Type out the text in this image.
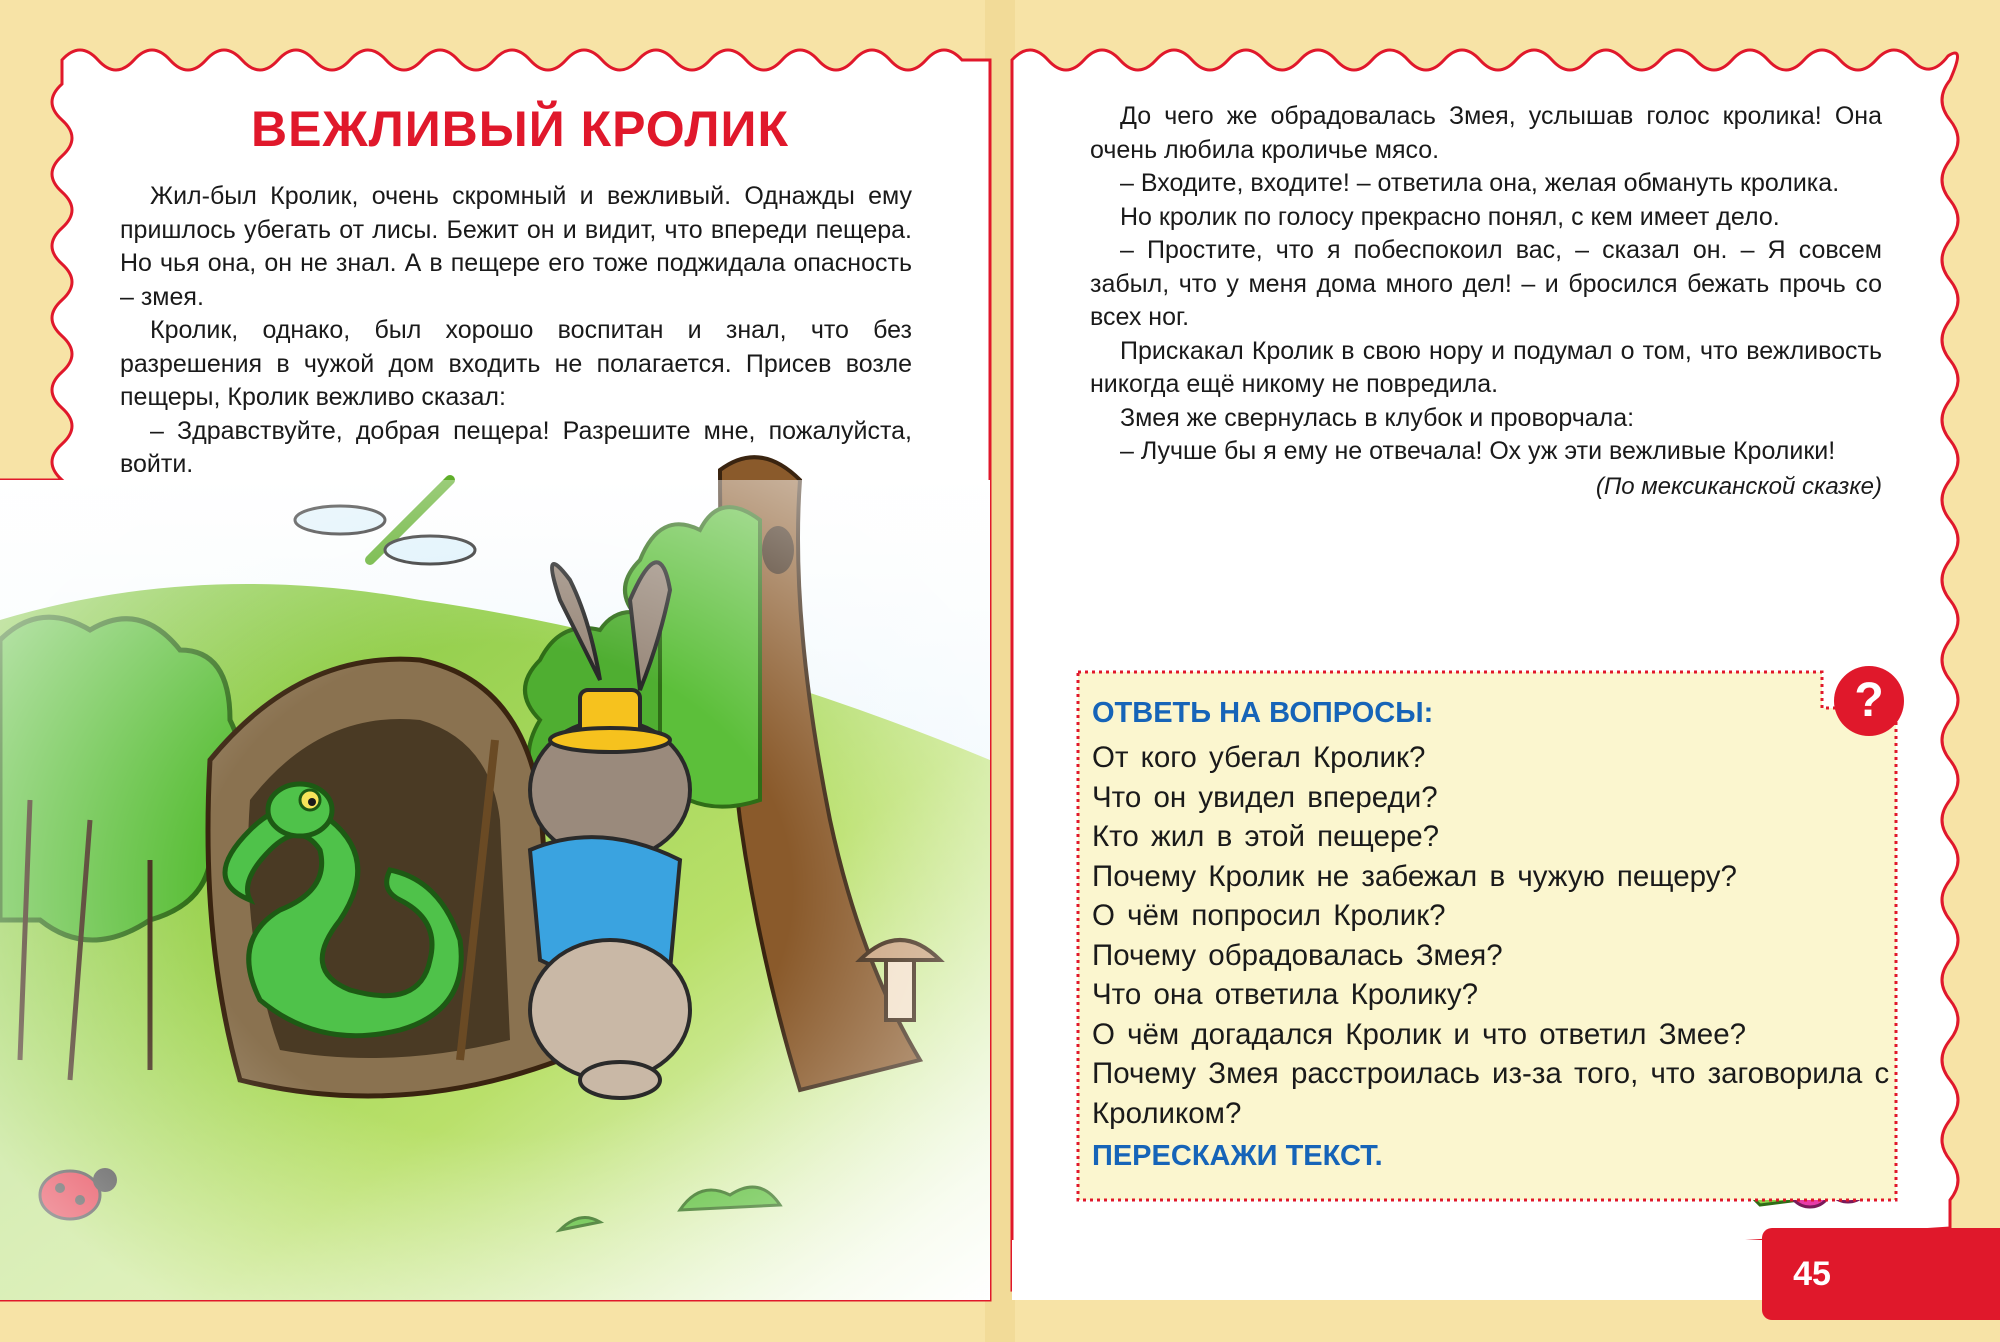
ВЕЖЛИВЫЙ КРОЛИК

Жил-был Кролик, очень скромный и вежливый. Однажды ему пришлось убегать от лисы. Бежит он и видит, что впереди пещера. Но чья она, он не знал. А в пещере его тоже поджидала опасность – змея.

Кролик, однако, был хорошо воспитан и знал, что без разрешения в чужой дом входить не полагается. Присев возле пещеры, Кролик вежливо сказал:

– Здравствуйте, добрая пещера! Разрешите мне, пожалуйста, войти.

До чего же обрадовалась Змея, услышав голос кролика! Она очень любила кроличье мясо.

– Входите, входите! – ответила она, желая обмануть кролика.

Но кролик по голосу прекрасно понял, с кем имеет дело.

– Простите, что я побеспокоил вас, – сказал он. – Я совсем забыл, что у меня дома много дел! – и бросился бежать прочь со всех ног.

Прискакал Кролик в свою нору и подумал о том, что вежливость никогда ещё никому не повредила.

Змея же свернулась в клубок и проворчала:

– Лучше бы я ему не отвечала! Ох уж эти вежливые Кролики!

(По мексиканской сказке)

?
ОТВЕТЬ НА ВОПРОСЫ:
От кого убегал Кролик?
Что он увидел впереди?
Кто жил в этой пещере?
Почему Кролик не забежал в чужую пещеру?
О чём попросил Кролик?
Почему обрадовалась Змея?
Что она ответила Кролику?
О чём догадался Кролик и что ответил Змее?
Почему Змея расстроилась из-за того, что заговорила с Кроликом?

ПЕРЕСКАЖИ ТЕКСТ.

45
